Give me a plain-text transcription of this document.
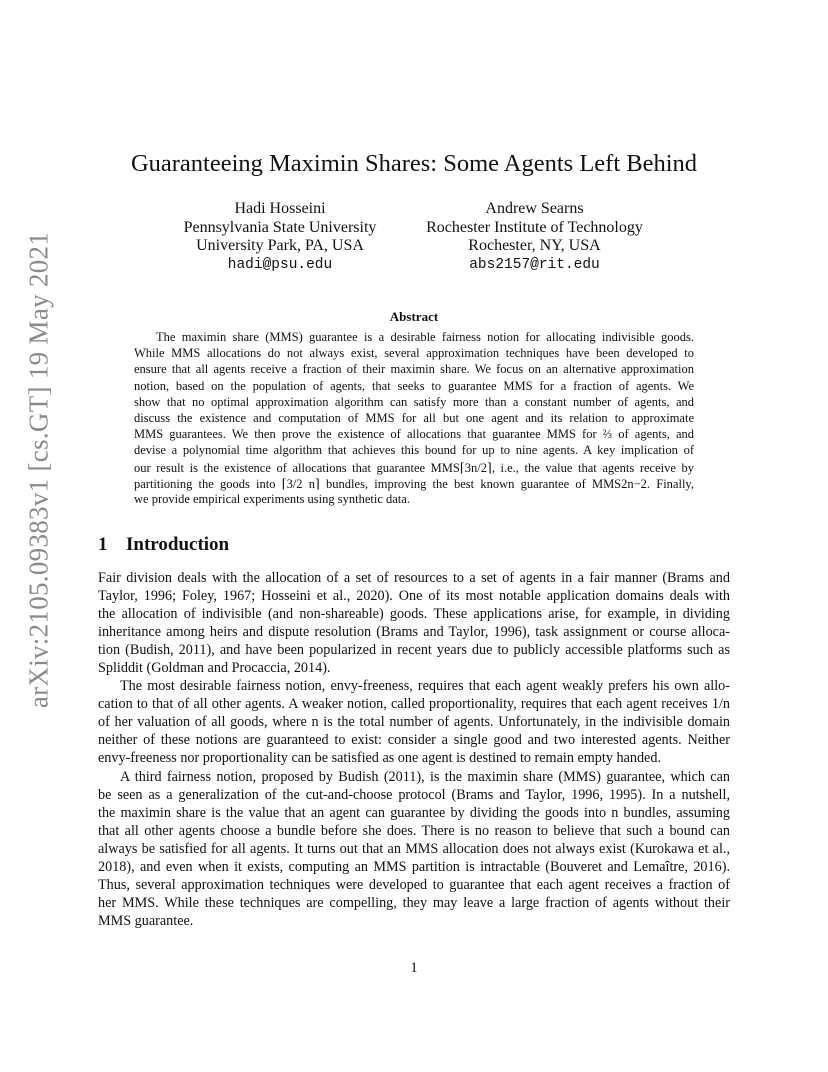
arXiv:2105.09383v1 [cs.GT] 19 May 2021
Guaranteeing Maximin Shares: Some Agents Left Behind
Hadi Hosseini
Pennsylvania State University
University Park, PA, USA
hadi@psu.edu
Andrew Searns
Rochester Institute of Technology
Rochester, NY, USA
abs2157@rit.edu
Abstract
The maximin share (MMS) guarantee is a desirable fairness notion for allocating indivisible goods.
While MMS allocations do not always exist, several approximation techniques have been developed to
ensure that all agents receive a fraction of their maximin share. We focus on an alternative approximation
notion, based on the population of agents, that seeks to guarantee MMS for a fraction of agents. We
show that no optimal approximation algorithm can satisfy more than a constant number of agents, and
discuss the existence and computation of MMS for all but one agent and its relation to approximate
MMS guarantees. We then prove the existence of allocations that guarantee MMS for ⅔ of agents, and
devise a polynomial time algorithm that achieves this bound for up to nine agents. A key implication of
our result is the existence of allocations that guarantee MMS⌈3n/2⌉, i.e., the value that agents receive by
partitioning the goods into ⌈3/2 n⌉ bundles, improving the best known guarantee of MMS2n−2. Finally,
we provide empirical experiments using synthetic data.
1 Introduction
Fair division deals with the allocation of a set of resources to a set of agents in a fair manner (Brams and
Taylor, 1996; Foley, 1967; Hosseini et al., 2020). One of its most notable application domains deals with
the allocation of indivisible (and non-shareable) goods. These applications arise, for example, in dividing
inheritance among heirs and dispute resolution (Brams and Taylor, 1996), task assignment or course alloca-
tion (Budish, 2011), and have been popularized in recent years due to publicly accessible platforms such as
Spliddit (Goldman and Procaccia, 2014).
The most desirable fairness notion, envy-freeness, requires that each agent weakly prefers his own allo-
cation to that of all other agents. A weaker notion, called proportionality, requires that each agent receives 1/n
of her valuation of all goods, where n is the total number of agents. Unfortunately, in the indivisible domain
neither of these notions are guaranteed to exist: consider a single good and two interested agents. Neither
envy-freeness nor proportionality can be satisfied as one agent is destined to remain empty handed.
A third fairness notion, proposed by Budish (2011), is the maximin share (MMS) guarantee, which can
be seen as a generalization of the cut-and-choose protocol (Brams and Taylor, 1996, 1995). In a nutshell,
the maximin share is the value that an agent can guarantee by dividing the goods into n bundles, assuming
that all other agents choose a bundle before she does. There is no reason to believe that such a bound can
always be satisfied for all agents. It turns out that an MMS allocation does not always exist (Kurokawa et al.,
2018), and even when it exists, computing an MMS partition is intractable (Bouveret and Lemaître, 2016).
Thus, several approximation techniques were developed to guarantee that each agent receives a fraction of
her MMS. While these techniques are compelling, they may leave a large fraction of agents without their
MMS guarantee.
1
